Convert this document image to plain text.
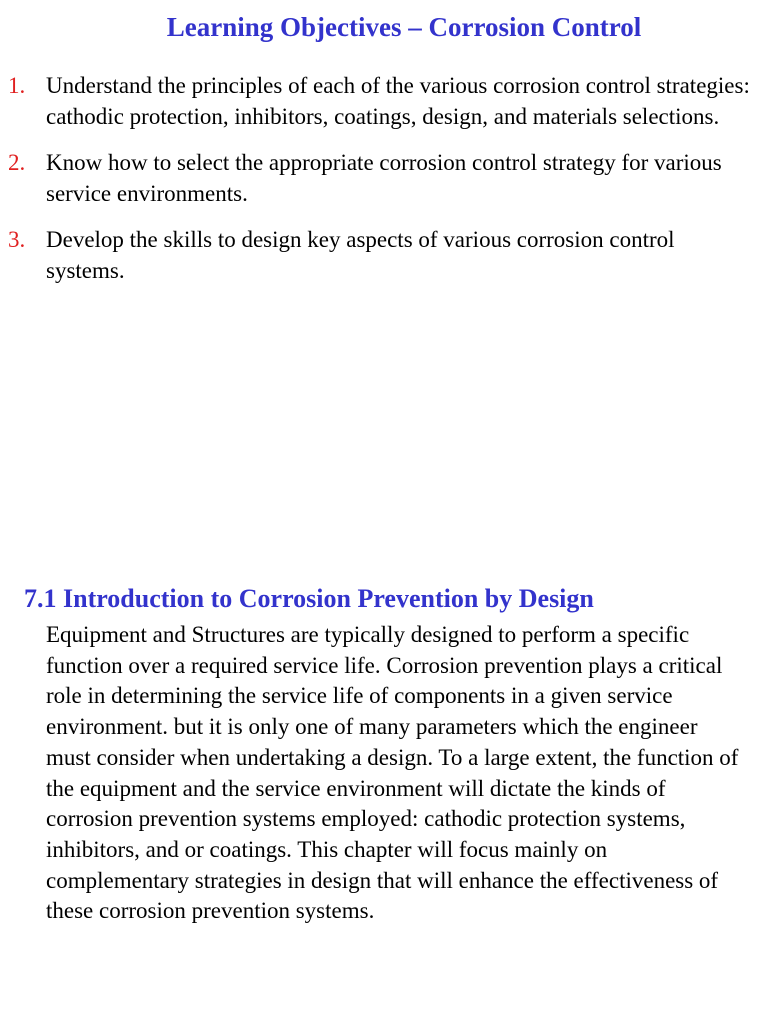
Learning Objectives – Corrosion Control
1. Understand the principles of each of the various corrosion control strategies: cathodic protection, inhibitors, coatings, design, and materials selections.
2. Know how to select the appropriate corrosion control strategy for various service environments.
3. Develop the skills to design key aspects of various corrosion control systems.
7.1 Introduction to Corrosion Prevention by Design

Equipment and Structures are typically designed to perform a specific function over a required service life. Corrosion prevention plays a critical role in determining the service life of components in a given service environment. but it is only one of many parameters which the engineer must consider when undertaking a design. To a large extent, the function of the equipment and the service environment will dictate the kinds of corrosion prevention systems employed: cathodic protection systems, inhibitors, and or coatings. This chapter will focus mainly on complementary strategies in design that will enhance the effectiveness of these corrosion prevention systems.
